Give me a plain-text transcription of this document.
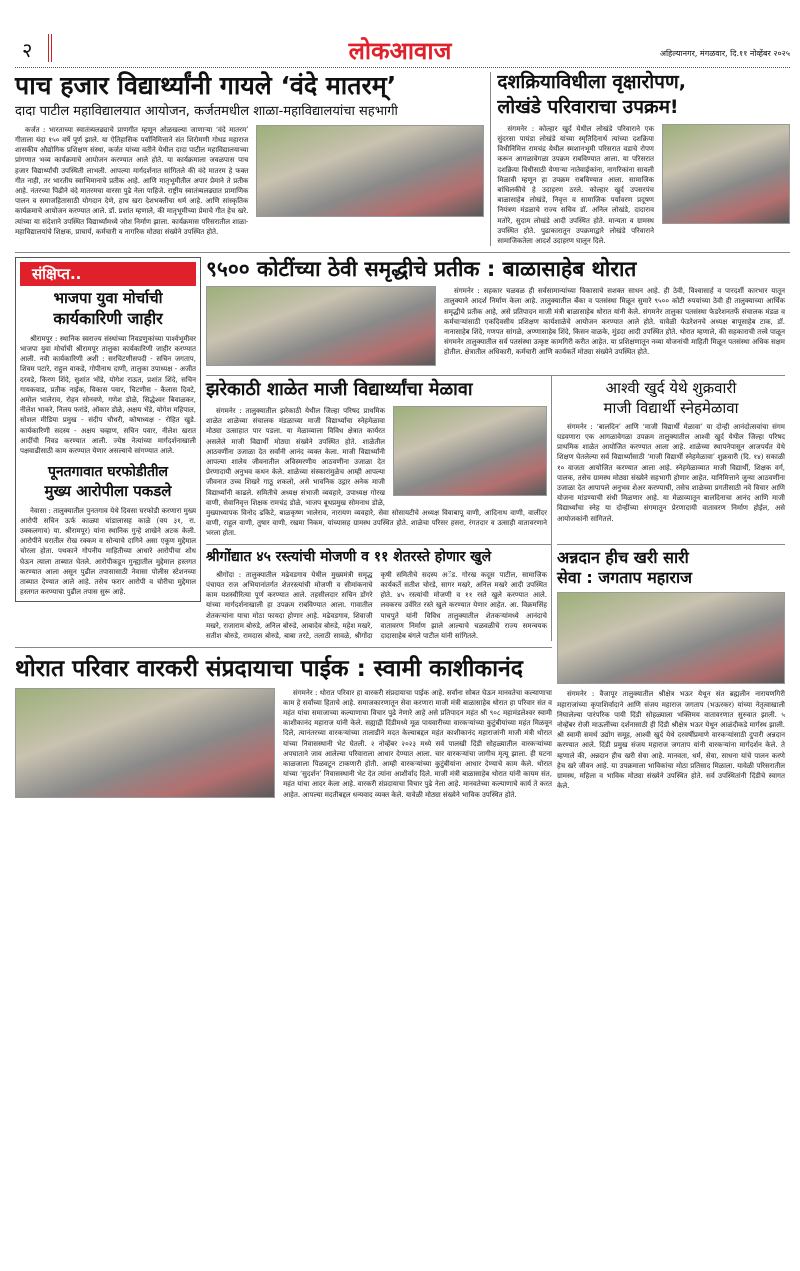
२	लोकआवाज	अहिल्यानगर, मंगळवार, दि.११ नोव्हेंबर २०२५
पाच हजार विद्यार्थ्यांनी गायले ‘वंदे मातरम्’
दादा पाटील महाविद्यालयात आयोजन, कर्जतमधील शाळा-महाविद्यालयांचा सहभागी

कर्जत : भारताच्या स्वातंत्र्यलढ्याचे प्राणगीत म्हणून ओळखल्या जाणाऱ्या ‘वंदे मातरम’ गीताला यंदा १५० वर्षे पूर्ण झाले. या ऐतिहासिक पर्वानिमित्ताने संत शिरोमणी गोधड महाराज शासकीय औद्योगिक प्रशिक्षण संस्था, कर्जत यांच्या वतीने येथील दादा पाटील महाविद्यालयाच्या प्रांगणात भव्य कार्यक्रमाचे आयोजन करण्यात आले होते. या कार्यक्रमाला जवळपास पाच हजार विद्यार्थ्यांची उपस्थिती लाभली. आपल्या मार्गदर्शनात सांगितले की वंदे मातरम हे फक्त गीत नाही, तर भारतीय स्वाभिमानाचे प्रतीक आहे. आणि मातृभूमीतील अपार प्रेमाने ते प्रतीक आहे. नंतरच्या पिढीने वंदे मातरमचा वारसा पुढे नेला पाहिजे. राष्ट्रीय स्वातंत्र्यलढ्यात प्रामाणिक पालन व समाजहितासाठी योगदान देणे, हाच खरा देशभक्तीचा धर्म आहे. आणि सांस्कृतिक कार्यक्रमाचे आयोजन करण्यात आले. डॉ. प्रशांत म्हणाले, की मातृभूमीच्या प्रेमाचे गीत हेच खरे. त्यांच्या या संदेशाने उपस्थित विद्यार्थ्यांमध्ये जोश निर्माण झाला. कार्यक्रमास परिसरातील शाळा-महाविद्यालयांचे शिक्षक, प्राचार्य, कर्मचारी व नागरिक मोठ्या संख्येने उपस्थित होते.

दशक्रियाविधीला वृक्षारोपण,
लोखंडे परिवाराचा उपक्रम!

संगमनेर : कोल्हार खुर्द येथील लोखंडे परिवाराने एक सुंदरसा पायंडा लोखंडे यांच्या स्मृतिदिनार्थ त्यांच्या दशक्रिया विधीनिमित्त रामचंद्र येथील स्मशानभूमी परिसरात वडाचे रोपण करून आगळावेगळा उपक्रम राबविण्यात आला. या परिसरात दशक्रिया विधीसाठी येणाऱ्या नातेवाईकांना, नागरिकांना सावली मिळावी म्हणून हा उपक्रम राबविण्यात आला. सामाजिक बांधिलकीचे हे उदाहरण ठरले. कोल्हार खुर्द उपसरपंच बाळासाहेब लोखंडे, निवृत्त व सामाजिक पर्यावरण प्रदूषण नियंत्रण मंडळाचे राज्य सचिव डॉ. अनिल लोखंडे, दादाराव मतोरे, सुदाम लोखंडे आदी उपस्थित होते. मान्यता व ग्रामस्थ उपस्थित होते. पुढाकारातून उपक्रमाद्वारे लोखंडे परिवाराने सामाजिकतेला आदर्श उदाहरण घालून दिले.

संक्षिप्त..
भाजपा युवा मोर्चाची
कार्यकारिणी जाहीर

श्रीरामपूर : स्थानिक स्वराज्य संस्थांच्या निवडणुकांच्या पार्श्वभूमीवर भाजपा युवा मोर्चाची श्रीरामपूर तालुका कार्यकारिणी जाहीर करण्यात आली. नवी कार्यकारिणी अशी : सरचिटणीसपदी - सचिन जगताप, शिवम पटारे, राहुल वाकडे, गोपीनाथ दाणी, तालुका उपाध्यक्ष - अजीत दरवडे, किरण शिंदे, सुशांत भोंडे, योगेश राऊत, प्रशांत शिंदे, सचिन गायकवाड, प्रतीक नाईक, विकास पवार, चिटणीस - कैलास दिवटे, अमोल भालेराव, रोहन सोनवणे, गणेश डोळे, सिद्धेश्वर बिवाळकर, नीलेश भाकरे, निलय फरांडे, ओंकार डोळे, अक्षय भेंडे, योगेश महिपाल, सोशल मीडिया प्रमुख - संदीप चौधरी, कोषाध्यक्ष - रोहित खुडे. कार्यकारिणी सदस्य - अक्षय चव्हाण, सचिन पवार, नीलेश खरात आदींची निवड करण्यात आली. ज्येष्ठ नेत्यांच्या मार्गदर्शनाखाली पक्षवाढीसाठी काम करण्यात येणार असल्याचे सांगण्यात आले.

पूनतगावात घरफोडीतील
मुख्य आरोपीला पकडले

नेवासा : तालुक्यातील पुनतगाव येथे दिवसा घरफोडी करणारा मुख्य आरोपी सचिन ऊर्फ काळ्या चांडालासह काळे (वय ३१, रा. उक्कलगाव) या. श्रीरामपूर) यांना स्थानिक गुन्हे शाखेने अटक केली. आरोपीने घरातील रोख रक्कम व सोन्याचे दागिने असा एकूण मुद्देमाल चोरला होता. पथकाने गोपनीय माहितीच्या आधारे आरोपीचा शोध घेऊन त्याला ताब्यात घेतले. आरोपीकडून गुन्ह्यातील मुद्देमाल हस्तगत करण्यात आला असून पुढील तपासासाठी नेवासा पोलीस स्टेशनच्या ताब्यात देण्यात आले आहे. तसेच फरार आरोपी व चोरीचा मुद्देमाल हस्तगत करण्याचा पुढील तपास सुरू आहे.

९५०० कोटींच्या ठेवी समृद्धीचे प्रतीक : बाळासाहेब थोरात

संगमनेर : सहकार चळवळ ही सर्वसामान्यांच्या विकासाचे सशक्त साधन आहे. ही ठेवी, विश्वासार्ह व पारदर्शी कारभार यातून तालुक्याने आदर्श निर्माण केला आहे. तालुक्यातील बँका व पतसंस्था मिळून सुमारे ९५०० कोटी रुपयांच्या ठेवी ही तालुक्याच्या आर्थिक समृद्धीचे प्रतीक आहे, असे प्रतिपादन माजी मंत्री बाळासाहेब थोरात यांनी केले. संगमनेर तालुका पतसंस्था फेडरेशनतर्फे संचालक मंडळ व कर्मचाऱ्यांसाठी एकदिवसीय प्रशिक्षण कार्यशाळेचे आयोजन करण्यात आले होते. यावेळी फेडरेशनचे अध्यक्ष बापूसाहेब टाक, डॉ. नानासाहेब शिंदे, गणपत सांगळे, अण्णासाहेब शिंदे, किसन वाळके, मुंडदा आदी उपस्थित होते. थोरात म्हणाले, की सहकाराची तत्त्वे पाळून संगमनेर तालुक्यातील सर्व पतसंस्था उत्कृष्ट कामगिरी करीत आहेत. या प्रशिक्षणातून नव्या योजनांची माहिती मिळून पतसंस्था अधिक सक्षम होतील. क्षेत्रातील अधिकारी, कर्मचारी आणि कार्यकर्ते मोठ्या संख्येने उपस्थित होते.

झरेकाठी शाळेत माजी विद्यार्थ्यांचा मेळावा

संगमनेर : तालुक्यातील झरेकाठी येथील जिल्हा परिषद प्राथमिक शाळेत शाळेच्या संचालक मंडळाच्या माजी विद्यार्थ्यांचा स्नेहमेळावा मोठ्या उत्साहात पार पडला. या मेळाव्याला विविध क्षेत्रात कार्यरत असलेले माजी विद्यार्थी मोठ्या संख्येने उपस्थित होते. शाळेतील आठवणींना उजाळा देत सर्वांनी आनंद व्यक्त केला. माजी विद्यार्थ्यांनी आपल्या शालेय जीवनातील अविस्मरणीय आठवणींना उजाळा देत प्रेरणादायी अनुभव कथन केले. शाळेच्या संस्कारांमुळेच आम्ही आपल्या जीवनात उच्च शिखरे गाठू शकलो, असे भावनिक उद्गार अनेक माजी विद्यार्थ्यांनी काढले. समितीचे अध्यक्ष संभाजी व्यवहारे, उपाध्यक्ष गोरख वाणी, सेवानिवृत्त शिक्षक रामचंद्र डोळे, भाजप बूथप्रमुख सोमनाथ डोळे, मुख्याध्यापक विनोद ढकिटे, बाळकृष्ण भालेराव, नारायण व्यवहारे, सेवा सोसायटीचे अध्यक्ष विवाबापू वाणी, आदिनाथ वाणी, वालींदर वाणी, राहुल वाणी, तुषार वाणी, रखमा निकम, यांच्यासह ग्रामस्थ उपस्थित होते. शाळेचा परिसर हसरा, रंगतदार व उत्साही वातावरणाने भरला होता.

आश्वी खुर्द येथे शुक्रवारी
माजी विद्यार्थी स्नेहमेळावा

संगमनेर : ‘बालदिन’ आणि ‘माजी विद्यार्थी मेळावा’ या दोन्ही आनंदोत्सवांचा संगम घडवणारा एक आगळावेगळा उपक्रम तालुक्यातील आश्वी खुर्द येथील जिल्हा परिषद प्राथमिक शाळेत आयोजित करण्यात आला आहे. शाळेच्या स्थापनेपासून आजपर्यंत येथे शिक्षण घेतलेल्या सर्व विद्यार्थ्यांसाठी ‘माजी विद्यार्थी स्नेहमेळावा’ शुक्रवारी (दि. १४) सकाळी १० वाजता आयोजित करण्यात आला आहे. स्नेहमेळाव्यात माजी विद्यार्थी, शिक्षक वर्ग, पालक, तसेच ग्रामस्थ मोठ्या संख्येने सहभागी होणार आहेत. यानिमित्ताने जुन्या आठवणींना उजाळा देत आपापले अनुभव शेअर करण्याची, तसेच शाळेच्या प्रगतीसाठी नवे विचार आणि योजना मांडण्याची संधी मिळणार आहे. या मेळाव्यातून बालदिनाचा आनंद आणि माजी विद्यार्थ्यांचा स्नेह या दोन्हींच्या संगमातून प्रेरणादायी वातावरण निर्माण होईल, असे आयोजकांनी सांगितले.

श्रीगोंद्यात ४५ रस्त्यांची मोजणी व ११ शेतरस्ते होणार खुले

श्रीगोंदा : तालुक्यातील मढेवडगाव येथील मुख्यमंत्री समृद्ध पंचायत राज अभियानांतर्गत शेतरस्त्यांची मोजणी व सीमांकनाचे काम यशस्वीरित्या पूर्ण करण्यात आले. तहसीलदार सचिन डोंगरे यांच्या मार्गदर्शनाखाली हा उपक्रम राबविण्यात आला. गावातील शेतकऱ्यांना याचा मोठा फायदा होणार आहे. मढेवडगाव, शिवाजी मखरे, राजाराम बोरुडे, अनिल बोरुडे, आबादेव बोरुडे, महेश मखरे, सतीश बोरुडे, रामदास बोरुडे, बाबा तरटे, तलाठी सावळे, श्रीगोंदा कृषी समितीचे सदस्य अॅड. गोरख कदूस पाटील, सामाजिक कार्यकर्ते सतीश चोरडे, सागर मखरे, अनिल मखरे आदी उपस्थित होते. ४५ रस्त्यांची मोजणी व ११ रस्ते खुले करण्यात आले. लवकरच उर्वरित रस्ते खुले करण्यात येणार आहेत. आ. विक्रमसिंह पाचपुते यांनी विविध तालुक्यातील शेतकऱ्यांमध्ये आनंदाचे वातावरण निर्माण झाले आल्याचे चळवळीचे राज्य समन्वयक दादासाहेब बंगले पाटील यांनी सांगितले.

अन्नदान हीच खरी सारी
सेवा : जगताप महाराज

संगमनेर : वैजापूर तालुक्यातील श्रीक्षेत्र भऊर येथून संत ब्रह्मलीन नारायणगिरी महाराजांच्या कृपाशिर्वादाने आणि संजय महाराज जगताप (भऊरकर) यांच्या नेतृत्वाखाली निघालेल्या पारंपरिक पायी दिंडी सोहळ्याला भक्तिमय वातावरणात सुरुवात झाली. ५ नोव्हेंबर रोजी माऊलींच्या दर्शनासाठी ही दिंडी श्रीक्षेत्र भऊर येथून आळंदीकडे मार्गस्थ झाली. श्री स्वामी समर्थ उद्योग समूह, आश्वी खुर्द येथे दरवर्षीप्रमाणे वारकऱ्यांसाठी दुपारी अन्नदान करण्यात आले. दिंडी प्रमुख संजय महाराज जगताप यांनी वारकऱ्यांना मार्गदर्शन केले. ते म्हणाले की, अन्नदान हीच खरी सेवा आहे. मानवता, धर्म, सेवा, साधना यांचे पालन करणे हेच खरे जीवन आहे. या उपक्रमाला भाविकांचा मोठा प्रतिसाद मिळाला. यावेळी परिसरातील ग्रामस्थ, महिला व भाविक मोठ्या संख्येने उपस्थित होते. सर्व उपस्थितांनी दिंडीचे स्वागत केले.

थोरात परिवार वारकरी संप्रदायाचा पाईक : स्वामी काशीकानंद

संगमनेर : थोरात परिवार हा वारकरी संप्रदायाचा पाईक आहे. सर्वांना सोबत घेऊन मानवतेचा कल्याणाचा काम हे सर्वांच्या हिताचे आहे. समाजकारणातून सेवा करणारा माजी मंत्री बाळासाहेब थोरात हा परिवार संत व महंत यांचा समाजाच्या कल्याणाचा विचार पुढे नेणारे आहे असे प्रतिपादन महंत श्री ९०८ महामंडलेश्वर स्वामी काशीकानंद महाराज यांनी केले. सह्याद्री दिंडीमध्ये मूळ पायवारीच्या वारकऱ्यांच्या कुटुंबीयांच्या महंत मिळवून दिले, त्यानंतरच्या वारकऱ्यांच्या तालाडीने मदत केल्याबद्दल महंत काशीकानंद महाराजांनी माजी मंत्री थोरात यांच्या निवासस्थानी भेट घेतली. २ नोव्हेंबर २०२३ मध्ये सर्व पालखी दिंडी सोहळ्यातील वारकऱ्यांच्या अपघाताने जाव आलेल्या परिवाराला आधार देण्यात आला. चार वारकऱ्यांचा जागीच मृत्यू झाला. ही घटना काळजाला पिळवटून टाकणारी होती. आम्ही वारकऱ्यांच्या कुटुंबीयांना आधार देण्याचे काम केले. थोरात यांच्या ‘सुदर्शन’ निवासस्थानी भेट देत त्यांना आशीर्वाद दिले. माजी मंत्री बाळासाहेब थोरात यांनी कायम संत, महंत यांचा आदर केला आहे. वारकरी संप्रदायाचा विचार पुढे नेला आहे. मानवतेच्या कल्याणाचे कार्य ते करत आहेत. आपल्या मदतीबद्दल धन्यवाद व्यक्त केले. यावेळी मोठ्या संख्येने भाविक उपस्थित होते.
